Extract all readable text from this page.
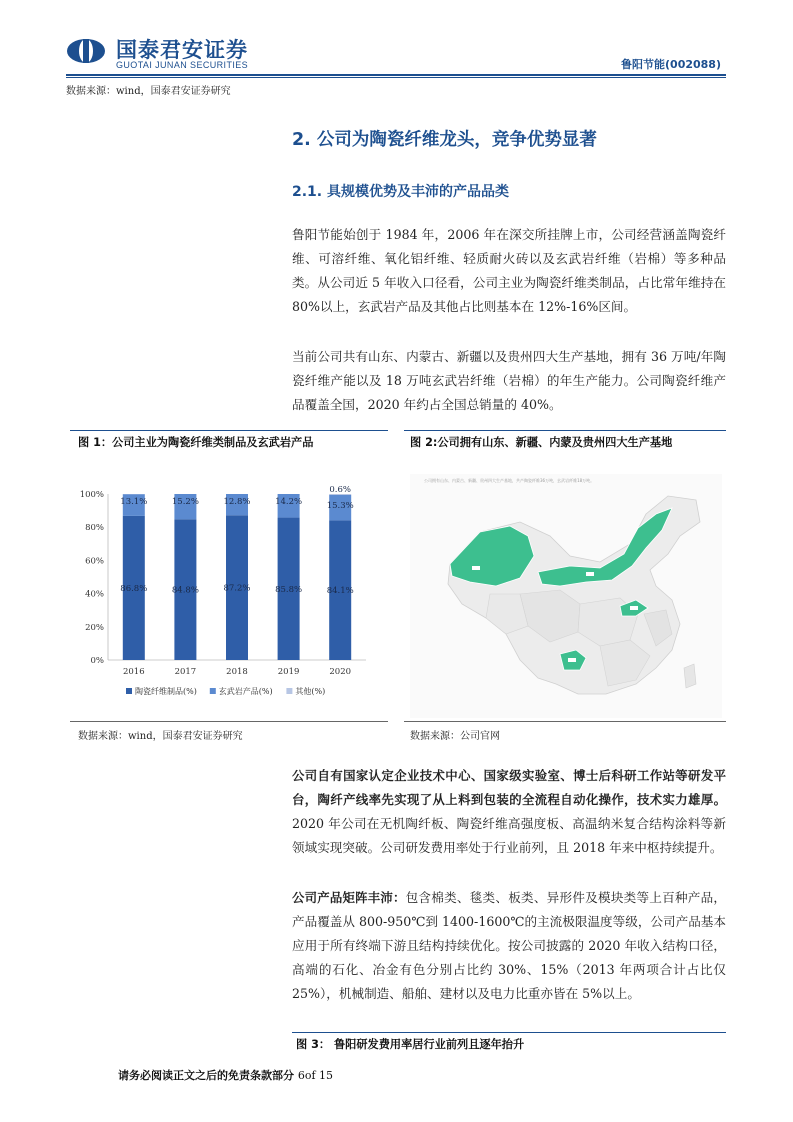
国泰君安证券
GUOTAI JUNAN SECURITIES	鲁阳节能(002088)
数据来源：wind，国泰君安证券研究
2. 公司为陶瓷纤维龙头，竞争优势显著
2.1. 具规模优势及丰沛的产品品类
鲁阳节能始创于 1984 年，2006 年在深交所挂牌上市，公司经营涵盖陶瓷纤维、可溶纤维、氧化铝纤维、轻质耐火砖以及玄武岩纤维（岩棉）等多种品类。从公司近 5 年收入口径看，公司主业为陶瓷纤维类制品，占比常年维持在 80%以上，玄武岩产品及其他占比则基本在 12%-16%区间。
当前公司共有山东、内蒙古、新疆以及贵州四大生产基地，拥有 36 万吨/年陶瓷纤维产能以及 18 万吨玄武岩纤维（岩棉）的年生产能力。公司陶瓷纤维产品覆盖全国，2020 年约占全国总销量的 40%。
图 1：公司主业为陶瓷纤维类制品及玄武岩产品
0%
20%
40%
60%
80%
100%
2016	2017	2018	2019	2020
86.8%
13.1%
84.8%
15.2%
87.2%
12.8%
85.8%
14.2%
84.1%
15.3%
0.6%
陶瓷纤维制品(%)	玄武岩产品(%)	其他(%)
数据来源：wind，国泰君安证券研究
图 2:公司拥有山东、新疆、内蒙及贵州四大生产基地
公司拥有山东、内蒙古、新疆、贵州四大生产基地，共产陶瓷纤维36万吨，玄武岩纤维18万吨。
数据来源：公司官网
公司自有国家认定企业技术中心、国家级实验室、博士后科研工作站等研发平台，陶纤产线率先实现了从上料到包装的全流程自动化操作，技术实力雄厚。2020 年公司在无机陶纤板、陶瓷纤维高强度板、高温纳米复合结构涂料等新领域实现突破。公司研发费用率处于行业前列，且 2018 年来中枢持续提升。
公司产品矩阵丰沛：包含棉类、毯类、板类、异形件及模块类等上百种产品，产品覆盖从 800-950℃到 1400-1600℃的主流极限温度等级，公司产品基本应用于所有终端下游且结构持续优化。按公司披露的 2020 年收入结构口径，高端的石化、冶金有色分别占比约 30%、15%（2013 年两项合计占比仅 25%），机械制造、船舶、建材以及电力比重亦皆在 5%以上。
图 3： 鲁阳研发费用率居行业前列且逐年抬升
请务必阅读正文之后的免责条款部分 6of 15
